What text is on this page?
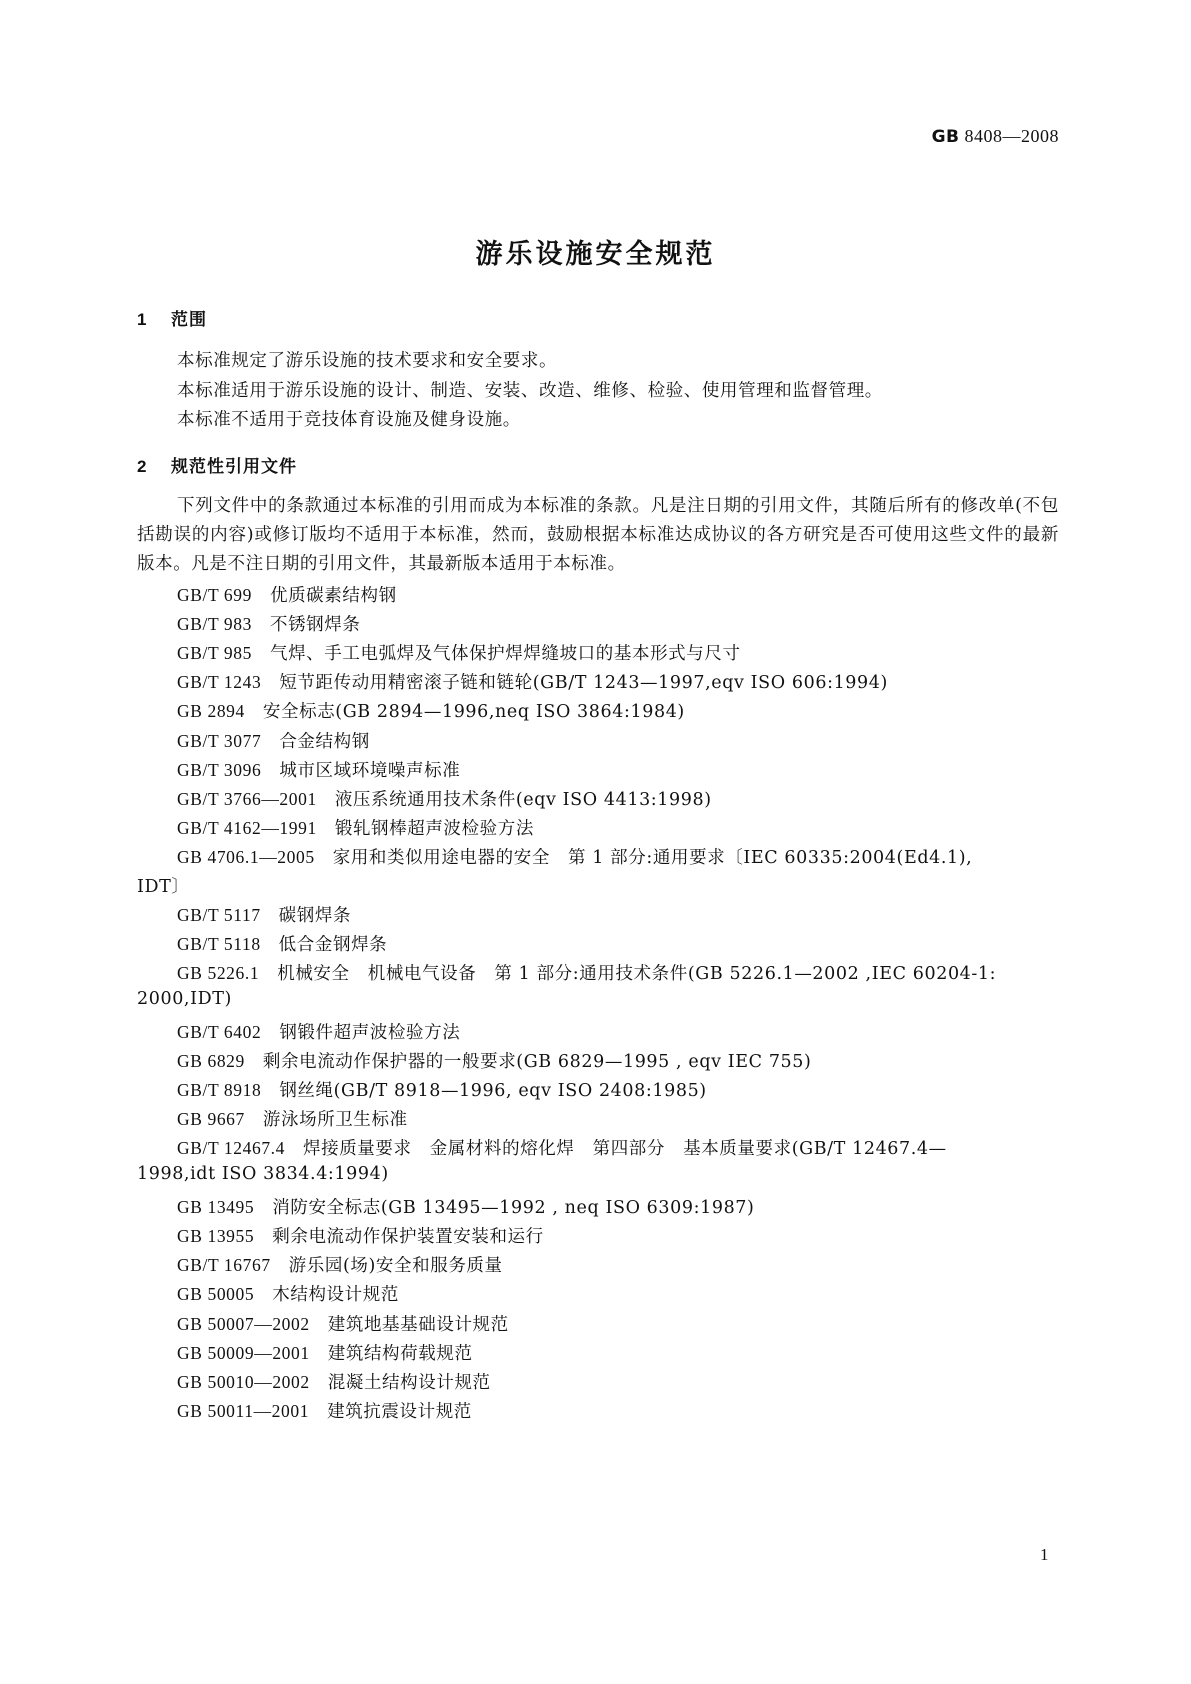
GB 8408—2008
游乐设施安全规范
1 范围
本标准规定了游乐设施的技术要求和安全要求。
本标准适用于游乐设施的设计、制造、安装、改造、维修、检验、使用管理和监督管理。
本标准不适用于竞技体育设施及健身设施。
2 规范性引用文件
下列文件中的条款通过本标准的引用而成为本标准的条款。凡是注日期的引用文件，其随后所有的修改单(不包括勘误的内容)或修订版均不适用于本标准，然而，鼓励根据本标准达成协议的各方研究是否可使用这些文件的最新版本。凡是不注日期的引用文件，其最新版本适用于本标准。
GB/T 699 优质碳素结构钢
GB/T 983 不锈钢焊条
GB/T 985 气焊、手工电弧焊及气体保护焊焊缝坡口的基本形式与尺寸
GB/T 1243 短节距传动用精密滚子链和链轮(GB/T 1243—1997,eqv ISO 606:1994)
GB 2894 安全标志(GB 2894—1996,neq ISO 3864:1984)
GB/T 3077 合金结构钢
GB/T 3096 城市区域环境噪声标准
GB/T 3766—2001 液压系统通用技术条件(eqv ISO 4413:1998)
GB/T 4162—1991 锻轧钢棒超声波检验方法
GB 4706.1—2005 家用和类似用途电器的安全　第 1 部分:通用要求〔IEC 60335:2004(Ed4.1),
IDT〕
GB/T 5117 碳钢焊条
GB/T 5118 低合金钢焊条
GB 5226.1 机械安全　机械电气设备　第 1 部分:通用技术条件(GB 5226.1—2002 ,IEC 60204-1:
2000,IDT)
GB/T 6402 钢锻件超声波检验方法
GB 6829 剩余电流动作保护器的一般要求(GB 6829—1995 , eqv IEC 755)
GB/T 8918 钢丝绳(GB/T 8918—1996, eqv ISO 2408:1985)
GB 9667 游泳场所卫生标准
GB/T 12467.4 焊接质量要求　金属材料的熔化焊　第四部分　基本质量要求(GB/T 12467.4—
1998,idt ISO 3834.4:1994)
GB 13495 消防安全标志(GB 13495—1992 , neq ISO 6309:1987)
GB 13955 剩余电流动作保护装置安装和运行
GB/T 16767 游乐园(场)安全和服务质量
GB 50005 木结构设计规范
GB 50007—2002 建筑地基基础设计规范
GB 50009—2001 建筑结构荷载规范
GB 50010—2002 混凝土结构设计规范
GB 50011—2001 建筑抗震设计规范
1
